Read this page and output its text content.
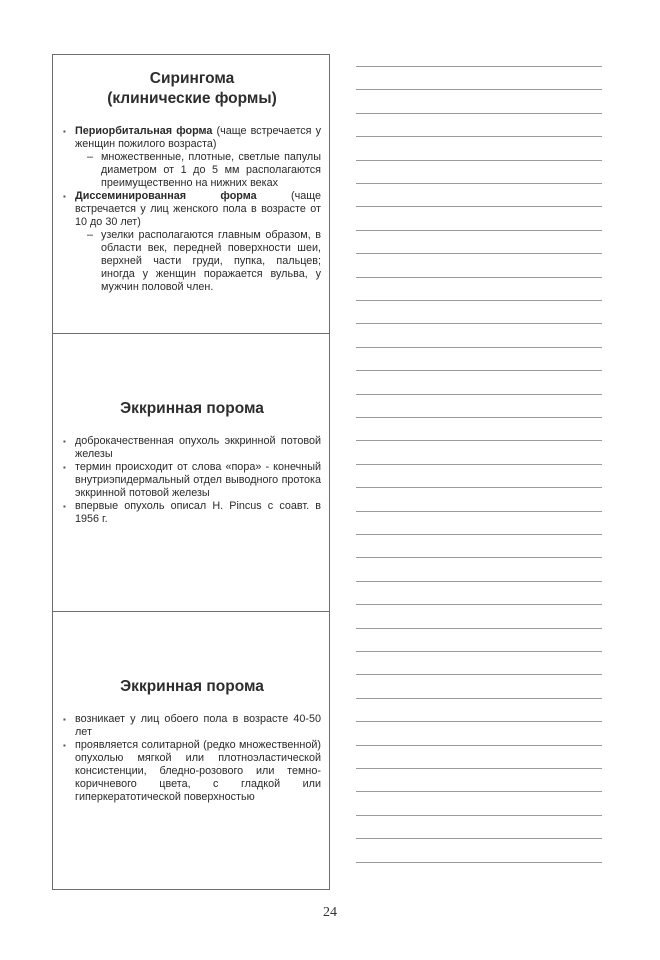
Сирингома
(клинические формы)
▪ Периорбитальная форма (чаще встречается у женщин пожилого возраста)
– множественные, плотные, светлые папулы диаметром от 1 до 5 мм располагаются преимущественно на нижних веках
▪ Диссеминированная форма (чаще встречается у лиц женского пола в возрасте от 10 до 30 лет)
– узелки располагаются главным образом, в области век, передней поверхности шеи, верхней части груди, пупка, пальцев; иногда у женщин поражается вульва, у мужчин половой член.
Эккринная порома
▪ доброкачественная опухоль эккринной потовой железы
▪ термин происходит от слова «пора» - конечный внутриэпидермальный отдел выводного протока эккринной потовой железы
▪ впервые опухоль описал H. Pincus с соавт. в 1956 г.
Эккринная порома
▪ возникает у лиц обоего пола в возрасте 40-50 лет
▪ проявляется солитарной (редко множественной) опухолью мягкой или плотноэластической консистенции, бледно-розового или темно-коричневого цвета, с гладкой или гиперкератотической поверхностью
24
